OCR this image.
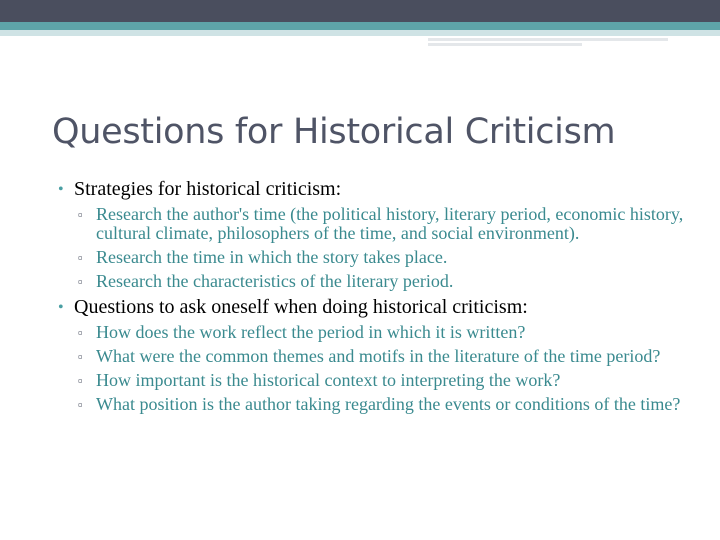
Questions for Historical Criticism
• Strategies for historical criticism:
▫ Research the author's time (the political history, literary period, economic history, cultural climate, philosophers of the time, and social environment).
▫ Research the time in which the story takes place.
▫ Research the characteristics of the literary period.
• Questions to ask oneself when doing historical criticism:
▫ How does the work reflect the period in which it is written?
▫ What were the common themes and motifs in the literature of the time period?
▫ How important is the historical context to interpreting the work?
▫ What position is the author taking regarding the events or conditions of the time?
